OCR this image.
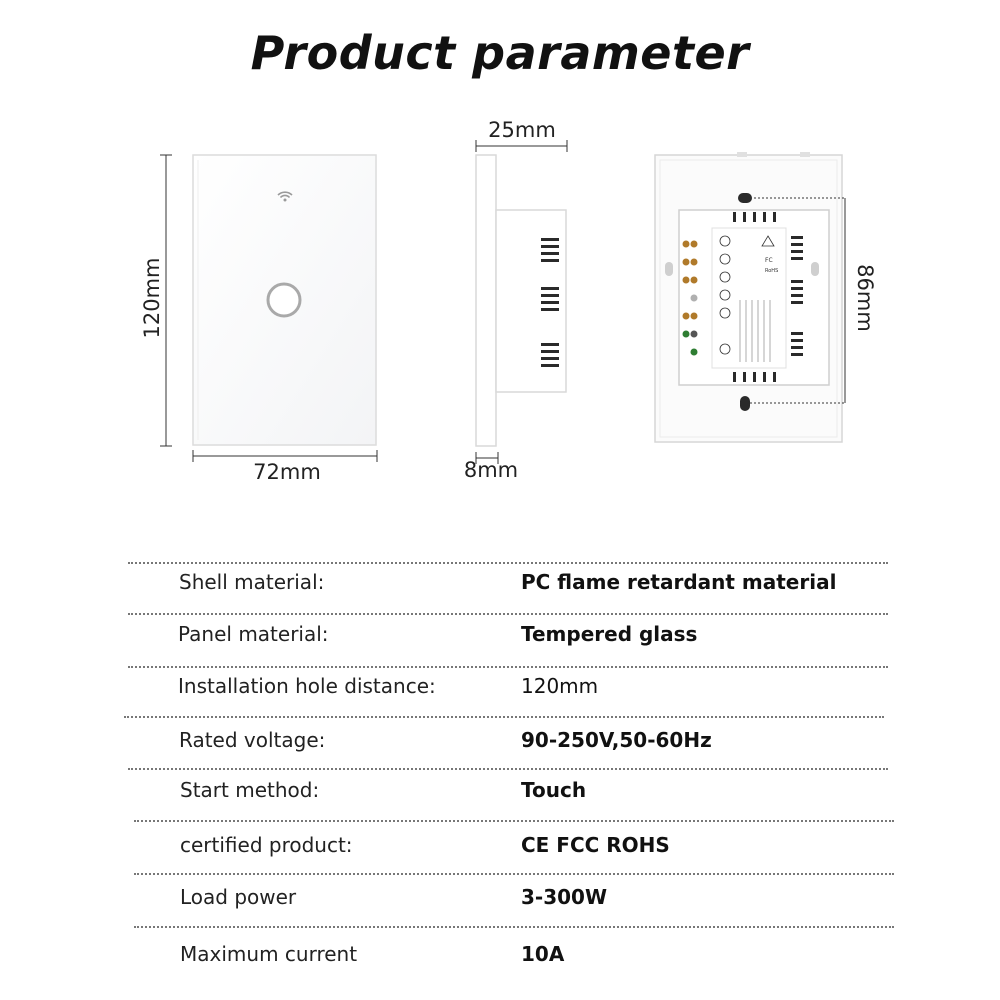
Product parameter
FC
RoHS
120mm
72mm
25mm
8mm
86mm
Shell material:	PC flame retardant material
Panel material:	Tempered glass
Installation hole distance:	120mm
Rated voltage:	90-250V,50-60Hz
Start method:	Touch
certified product:	CE FCC ROHS
Load power	3-300W
Maximum current	10A
